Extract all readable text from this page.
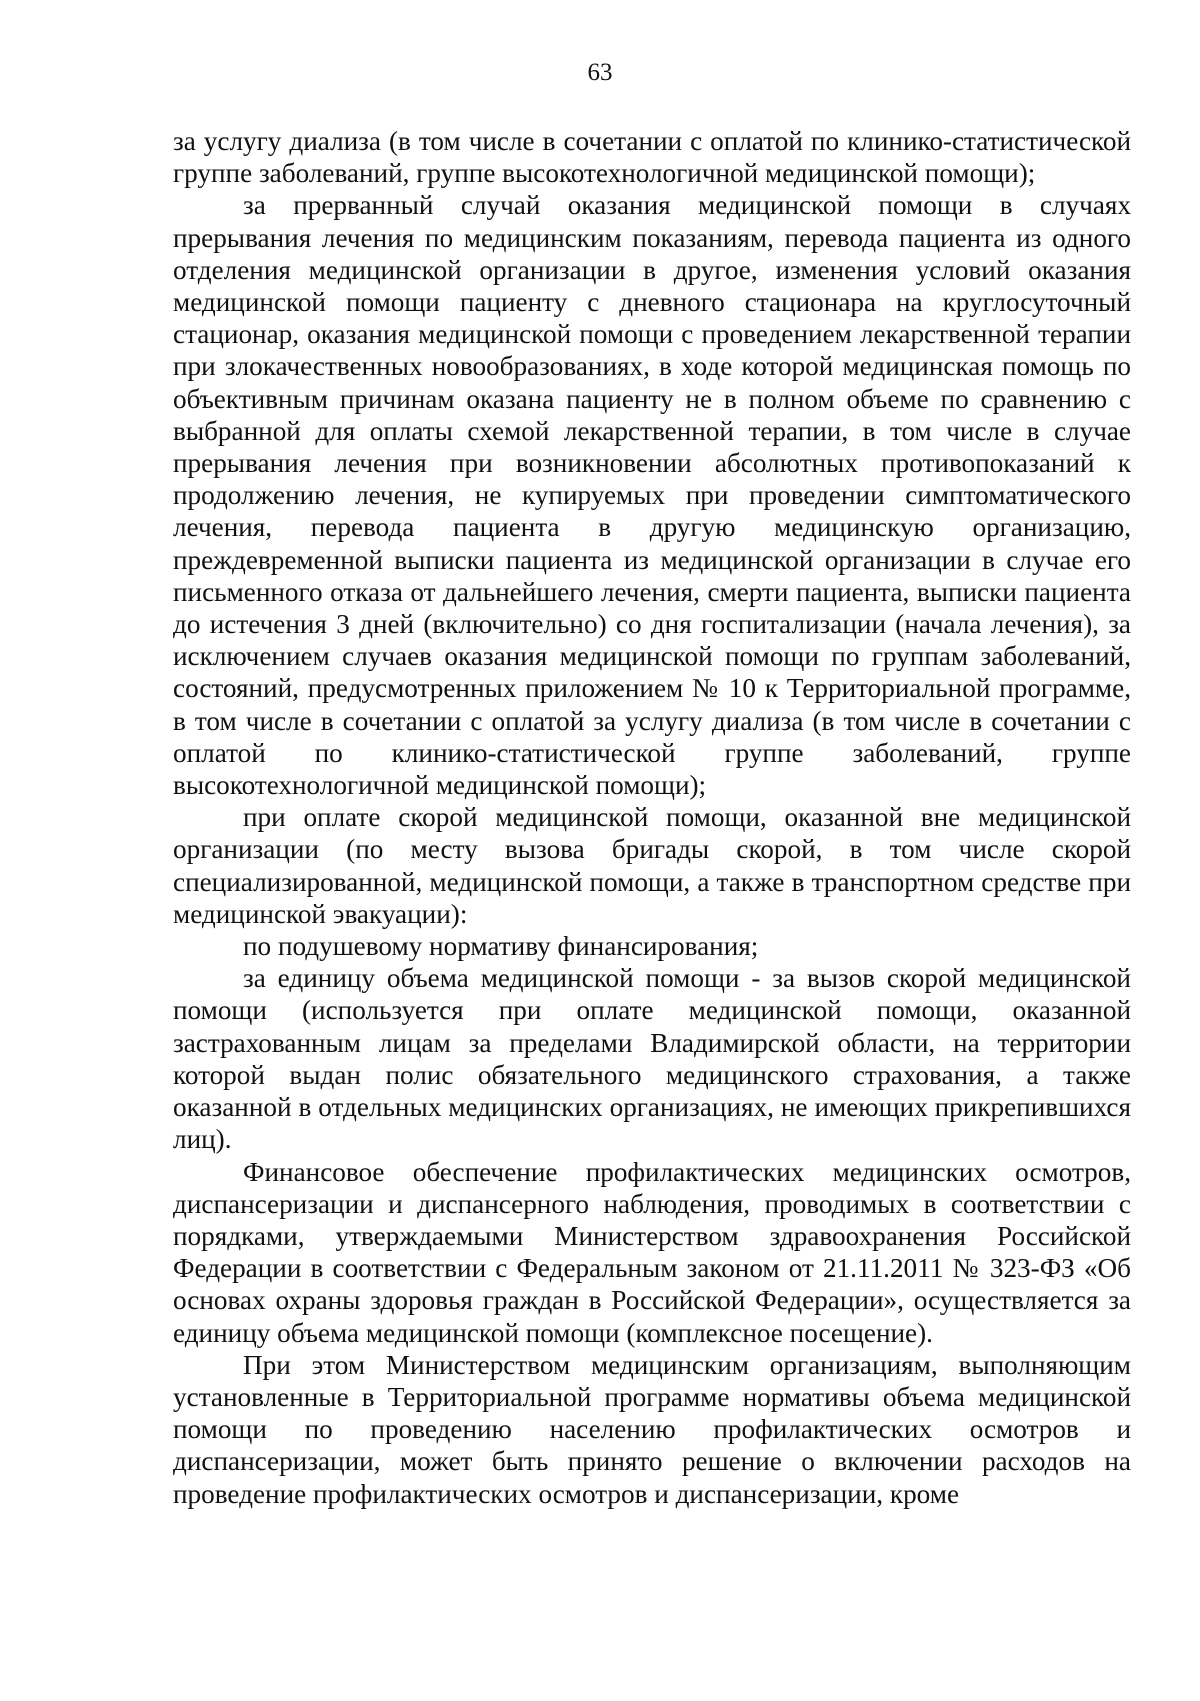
63

за услугу диализа (в том числе в сочетании с оплатой по клинико-статистической группе заболеваний, группе высокотехнологичной медицинской помощи);

за прерванный случай оказания медицинской помощи в случаях прерывания лечения по медицинским показаниям, перевода пациента из одного отделения медицинской организации в другое, изменения условий оказания медицинской помощи пациенту с дневного стационара на круглосуточный стационар, оказания медицинской помощи с проведением лекарственной терапии при злокачественных новообразованиях, в ходе которой медицинская помощь по объективным причинам оказана пациенту не в полном объеме по сравнению с выбранной для оплаты схемой лекарственной терапии, в том числе в случае прерывания лечения при возникновении абсолютных противопоказаний к продолжению лечения, не купируемых при проведении симптоматического лечения, перевода пациента в другую медицинскую организацию, преждевременной выписки пациента из медицинской организации в случае его письменного отказа от дальнейшего лечения, смерти пациента, выписки пациента до истечения 3 дней (включительно) со дня госпитализации (начала лечения), за исключением случаев оказания медицинской помощи по группам заболеваний, состояний, предусмотренных приложением № 10 к Территориальной программе, в том числе в сочетании с оплатой за услугу диализа (в том числе в сочетании с оплатой по клинико-статистической группе заболеваний, группе высокотехнологичной медицинской помощи);

при оплате скорой медицинской помощи, оказанной вне медицинской организации (по месту вызова бригады скорой, в том числе скорой специализированной, медицинской помощи, а также в транспортном средстве при медицинской эвакуации):

по подушевому нормативу финансирования;

за единицу объема медицинской помощи - за вызов скорой медицинской помощи (используется при оплате медицинской помощи, оказанной застрахованным лицам за пределами Владимирской области, на территории которой выдан полис обязательного медицинского страхования, а также оказанной в отдельных медицинских организациях, не имеющих прикрепившихся лиц).

Финансовое обеспечение профилактических медицинских осмотров, диспансеризации и диспансерного наблюдения, проводимых в соответствии с порядками, утверждаемыми Министерством здравоохранения Российской Федерации в соответствии с Федеральным законом от 21.11.2011 № 323-ФЗ «Об основах охраны здоровья граждан в Российской Федерации», осуществляется за единицу объема медицинской помощи (комплексное посещение).

При этом Министерством медицинским организациям, выполняющим установленные в Территориальной программе нормативы объема медицинской помощи по проведению населению профилактических осмотров и диспансеризации, может быть принято решение о включении расходов на проведение профилактических осмотров и диспансеризации, кроме
